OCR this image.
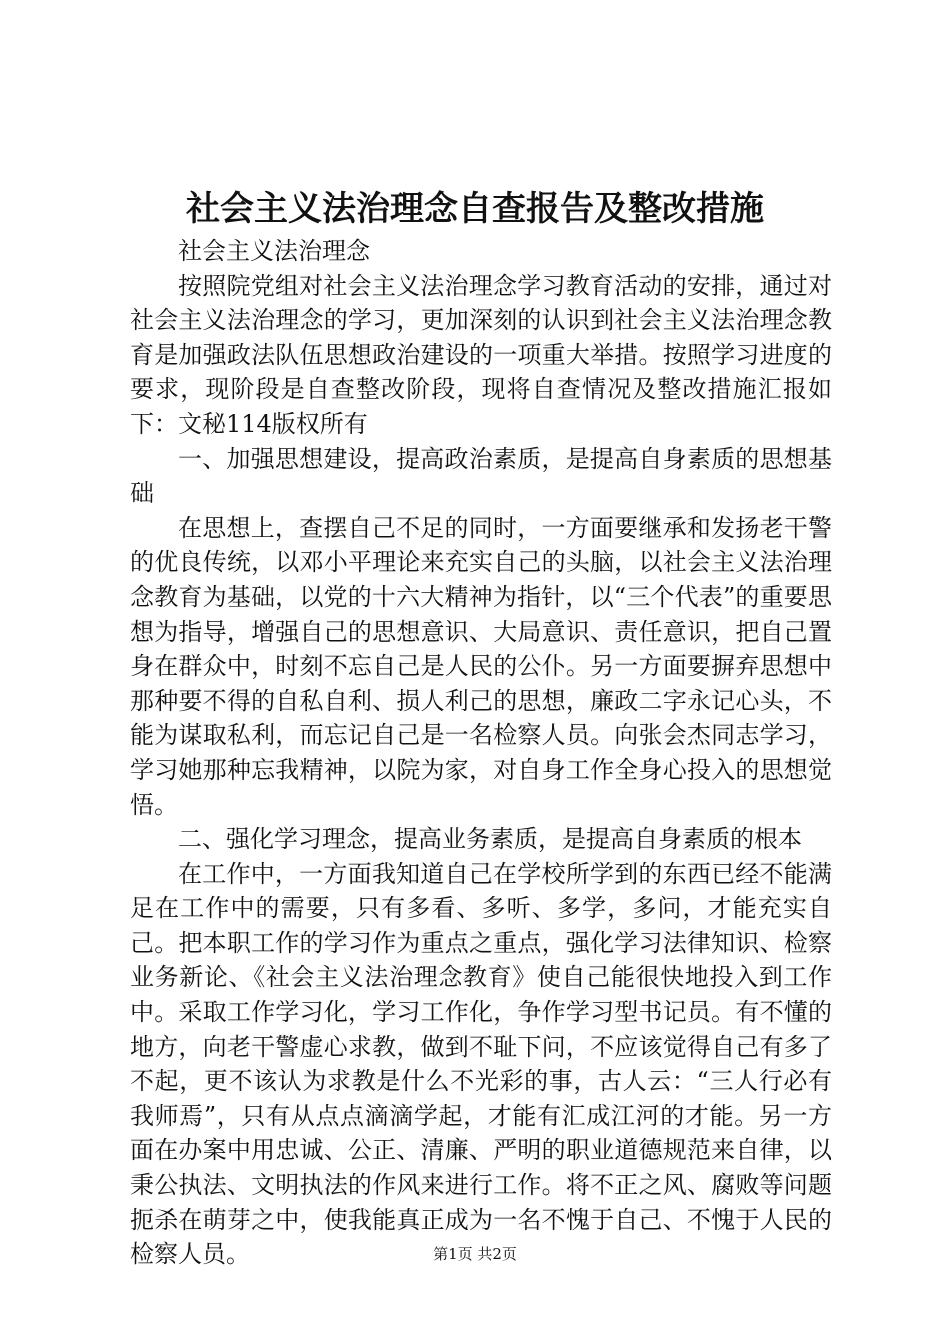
社会主义法治理念自查报告及整改措施

社会主义法治理念

按照院党组对社会主义法治理念学习教育活动的安排，通过对社会主义法治理念的学习，更加深刻的认识到社会主义法治理念教育是加强政法队伍思想政治建设的一项重大举措。按照学习进度的要求，现阶段是自查整改阶段，现将自查情况及整改措施汇报如下：文秘114版权所有

一、加强思想建设，提高政治素质，是提高自身素质的思想基础

在思想上，查摆自己不足的同时，一方面要继承和发扬老干警的优良传统，以邓小平理论来充实自己的头脑，以社会主义法治理念教育为基础，以党的十六大精神为指针，以“三个代表”的重要思想为指导，增强自己的思想意识、大局意识、责任意识，把自己置身在群众中，时刻不忘自己是人民的公仆。另一方面要摒弃思想中那种要不得的自私自利、损人利己的思想，廉政二字永记心头，不能为谋取私利，而忘记自己是一名检察人员。向张会杰同志学习，学习她那种忘我精神，以院为家，对自身工作全身心投入的思想觉悟。

二、强化学习理念，提高业务素质，是提高自身素质的根本

在工作中，一方面我知道自己在学校所学到的东西已经不能满足在工作中的需要，只有多看、多听、多学，多问，才能充实自己。把本职工作的学习作为重点之重点，强化学习法律知识、检察业务新论、《社会主义法治理念教育》使自己能很快地投入到工作中。采取工作学习化，学习工作化，争作学习型书记员。有不懂的地方，向老干警虚心求教，做到不耻下问，不应该觉得自己有多了不起，更不该认为求教是什么不光彩的事，古人云：“三人行必有我师焉”，只有从点点滴滴学起，才能有汇成江河的才能。另一方面在办案中用忠诚、公正、清廉、严明的职业道德规范来自律，以秉公执法、文明执法的作风来进行工作。将不正之风、腐败等问题扼杀在萌芽之中，使我能真正成为一名不愧于自己、不愧于人民的检察人员。	第1页 共2页
